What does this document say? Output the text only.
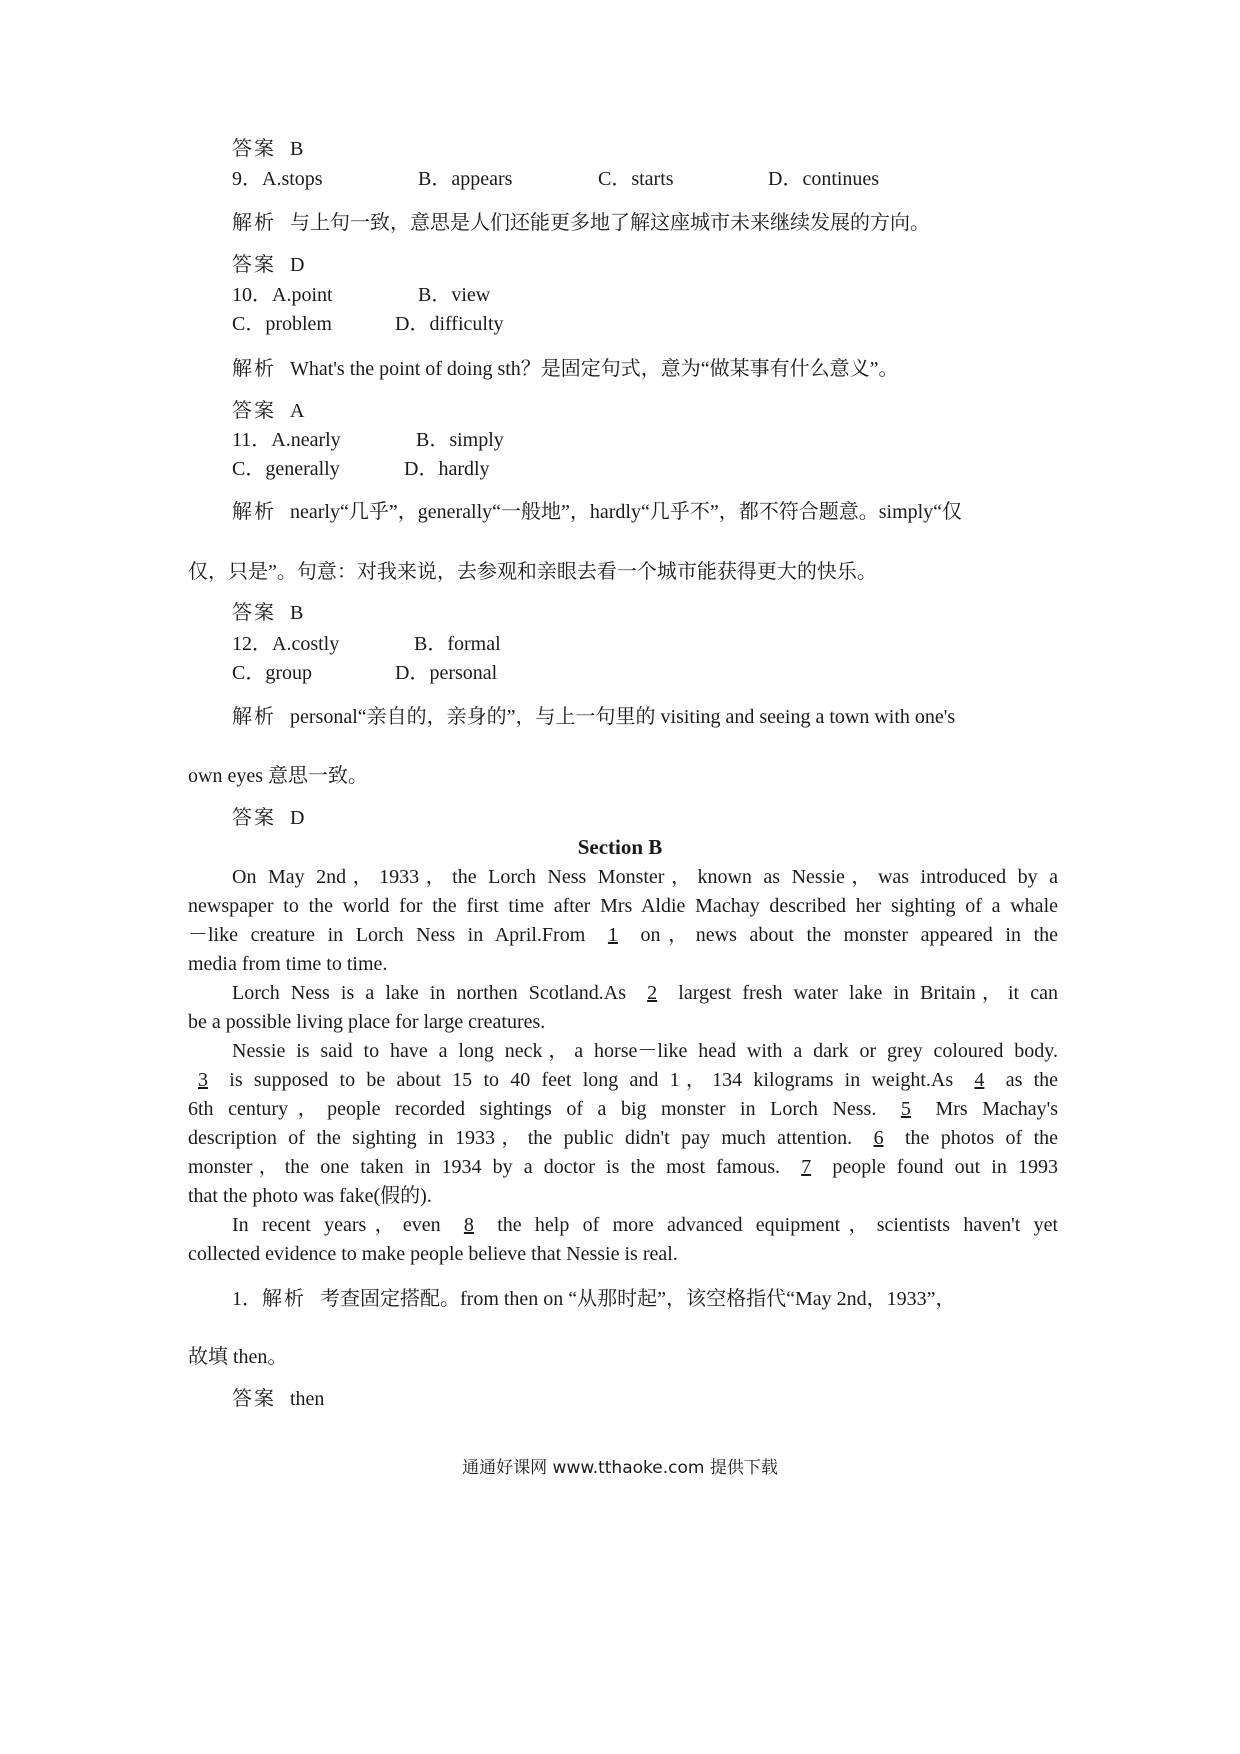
答案 B
9．A.stops	B．appears	C．starts	D．continues
解析 与上句一致，意思是人们还能更多地了解这座城市未来继续发展的方向。
答案 D
10．A.point	B．view
C．problem	D．difficulty
解析 What's the point of doing sth？是固定句式，意为“做某事有什么意义”。
答案 A
11．A.nearly	B．simply
C．generally	D．hardly
解析 nearly“几乎”，generally“一般地”，hardly“几乎不”，都不符合题意。simply“仅
仅，只是”。句意：对我来说，去参观和亲眼去看一个城市能获得更大的快乐。
答案 B
12．A.costly	B．formal
C．group	D．personal
解析 personal“亲自的，亲身的”，与上一句里的 visiting and seeing a town with one's
own eyes 意思一致。
答案 D
Section B
On May 2nd，1933，the Lorch Ness Monster，known as Nessie，was introduced by a
newspaper to the world for the first time after Mrs Aldie Machay described her sighting of a whale
－like creature in Lorch Ness in April.From 1 on，news about the monster appeared in the
media from time to time.
Lorch Ness is a lake in northen Scotland.As 2 largest fresh water lake in Britain，it can
be a possible living place for large creatures.
Nessie is said to have a long neck，a horse－like head with a dark or grey coloured body.
3 is supposed to be about 15 to 40 feet long and 1，134 kilograms in weight.As 4 as the
6th century，people recorded sightings of a big monster in Lorch Ness. 5 Mrs Machay's
description of the sighting in 1933，the public didn't pay much attention. 6 the photos of the
monster，the one taken in 1934 by a doctor is the most famous. 7 people found out in 1993
that the photo was fake(假的).
In recent years，even 8 the help of more advanced equipment，scientists haven't yet
collected evidence to make people believe that Nessie is real.
1．解析 考查固定搭配。from then on “从那时起”，该空格指代“May 2nd，1933”，
故填 then。
答案 then
通通好课网 www.tthaoke.com 提供下载
